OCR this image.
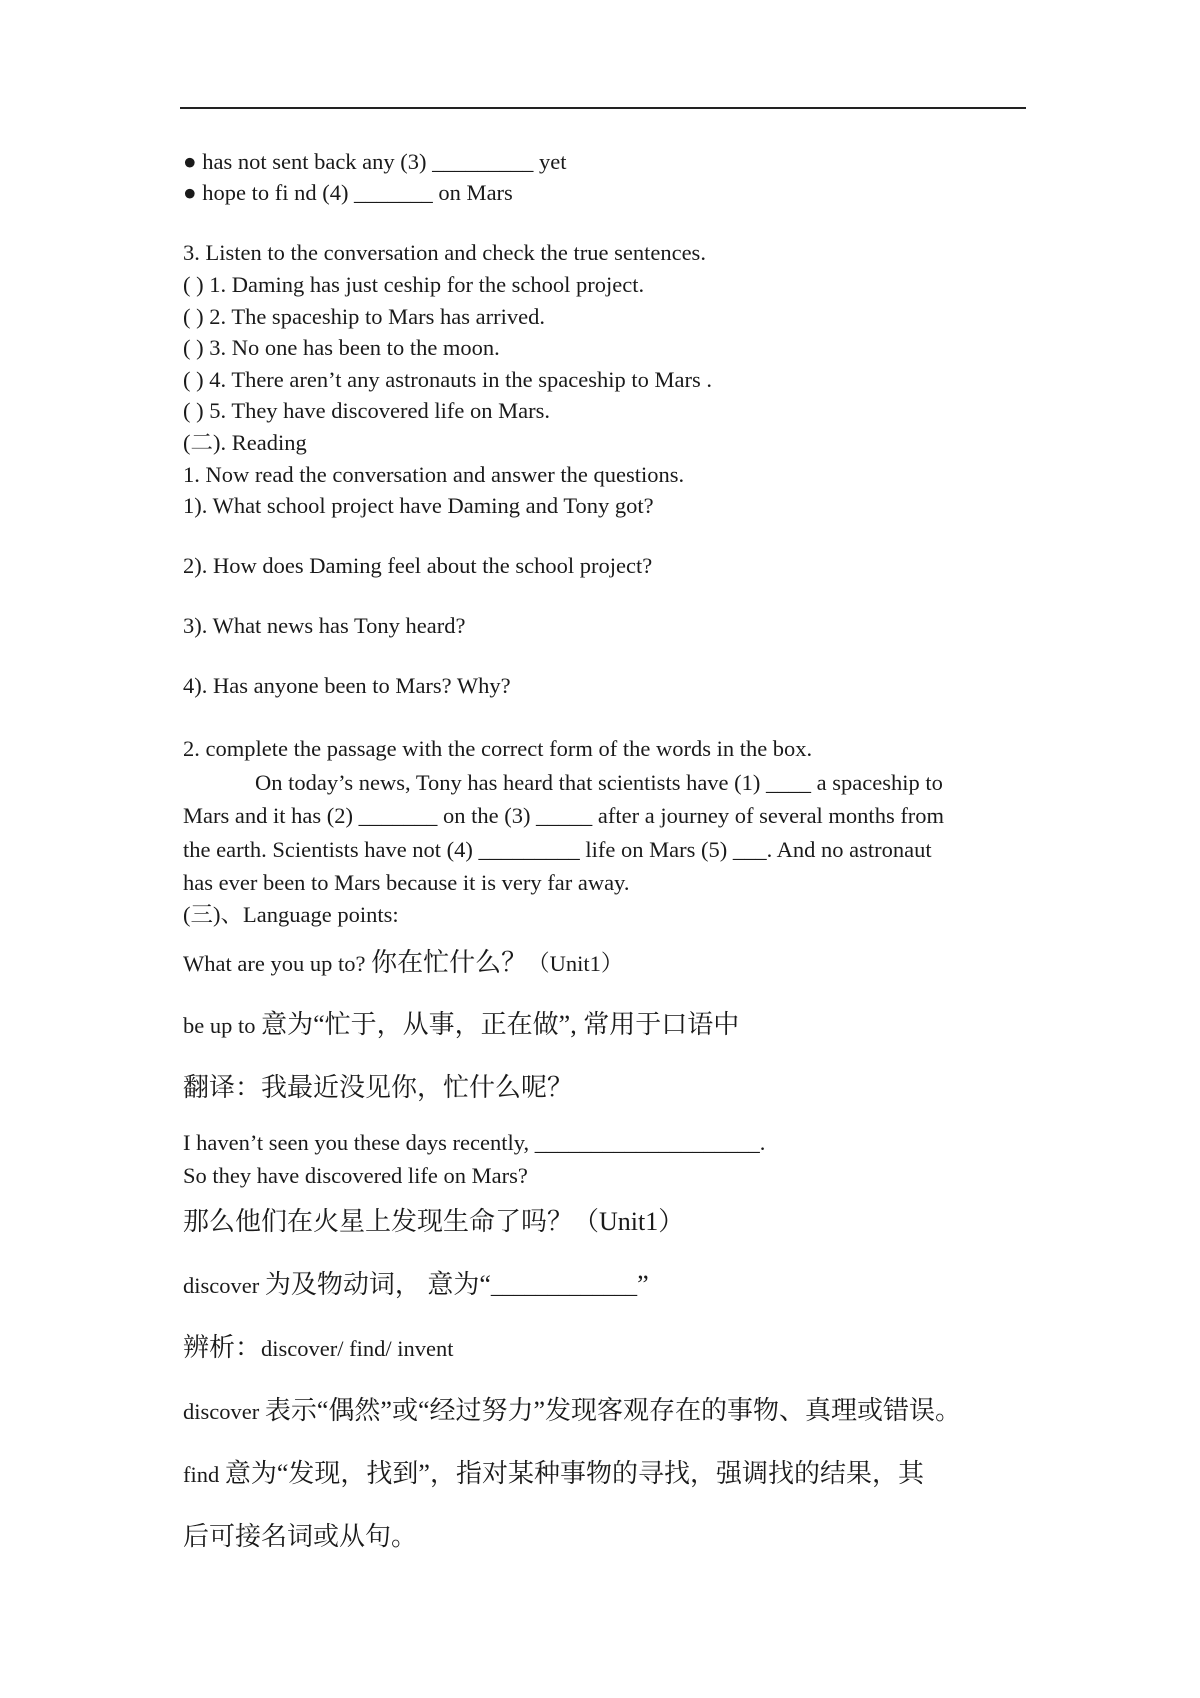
● has not sent back any (3) _________ yet
● hope to fi nd (4) _______ on Mars
3. Listen to the conversation and check the true sentences.
( ) 1. Daming has just ceship for the school project.
( ) 2. The spaceship to Mars has arrived.
( ) 3. No one has been to the moon.
( ) 4. There aren’t any astronauts in the spaceship to Mars .
( ) 5. They have discovered life on Mars.
(二). Reading
1. Now read the conversation and answer the questions.
1). What school project have Daming and Tony got?
2). How does Daming feel about the school project?
3). What news has Tony heard?
4). Has anyone been to Mars? Why?
2. complete the passage with the correct form of the words in the box.
On today’s news, Tony has heard that scientists have (1) ____ a spaceship to
Mars and it has (2) _______ on the (3) _____ after a journey of several months from
the earth. Scientists have not (4) _________ life on Mars (5) ___. And no astronaut
has ever been to Mars because it is very far away.
(三)、Language points:
What are you up to? 你在忙什么？（Unit1）
be up to 意为“忙于，从事，正在做”, 常用于口语中
翻译：我最近没见你，忙什么呢？
I haven’t seen you these days recently, ____________________.
So they have discovered life on Mars?
那么他们在火星上发现生命了吗？（Unit1）
discover 为及物动词， 意为“_____________”
辨析：discover/ find/ invent
discover 表示“偶然”或“经过努力”发现客观存在的事物、真理或错误。
find 意为“发现，找到”，指对某种事物的寻找，强调找的结果，其
后可接名词或从句。
